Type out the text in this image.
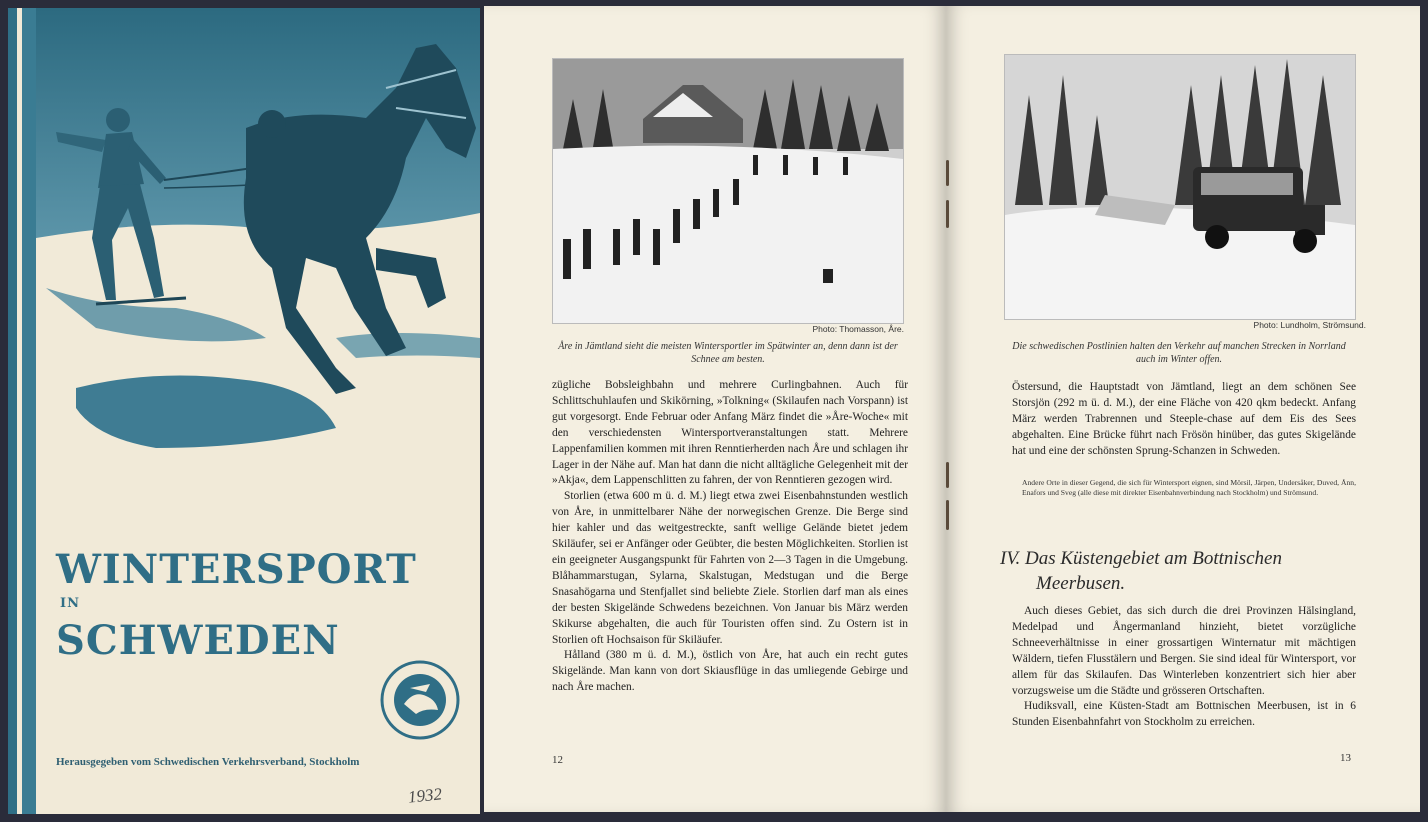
WINTERSPORT
IN
SCHWEDEN
Herausgegeben vom Schwedischen Verkehrsverband, Stockholm
1932
Photo: Thomasson, Åre.
Åre in Jämtland sieht die meisten Wintersportler im Spätwinter an, denn dann ist der Schnee am besten.

zügliche Bobsleighbahn und mehrere Curlingbahnen. Auch für Schlittschuhlaufen und Skikörning, »Tolkning« (Skilaufen nach Vorspann) ist gut vorgesorgt. Ende Februar oder Anfang März findet die »Åre-Woche« mit den verschiedensten Wintersportveranstaltungen statt. Mehrere Lappenfamilien kommen mit ihren Renntierherden nach Åre und schlagen ihr Lager in der Nähe auf. Man hat dann die nicht alltägliche Gelegenheit mit der »Akja«, dem Lappenschlitten zu fahren, der von Renntieren gezogen wird.

Storlien (etwa 600 m ü. d. M.) liegt etwa zwei Eisenbahnstunden westlich von Åre, in unmittelbarer Nähe der norwegischen Grenze. Die Berge sind hier kahler und das weitgestreckte, sanft wellige Gelände bietet jedem Skiläufer, sei er Anfänger oder Geübter, die besten Möglichkeiten. Storlien ist ein geeigneter Ausgangspunkt für Fahrten von 2—3 Tagen in die Umgebung. Blåhammarstugan, Sylarna, Skalstugan, Medstugan und die Berge Snasahögarna und Stenfjallet sind beliebte Ziele. Storlien darf man als eines der besten Skigelände Schwedens bezeichnen. Von Januar bis März werden Skikurse abgehalten, die auch für Touristen offen sind. Zu Ostern ist in Storlien oft Hochsaison für Skiläufer.

Hålland (380 m ü. d. M.), östlich von Åre, hat auch ein recht gutes Skigelände. Man kann von dort Skiausflüge in das umliegende Gebirge und nach Åre machen.

12
Photo: Lundholm, Strömsund.
Die schwedischen Postlinien halten den Verkehr auf manchen Strecken in Norrland auch im Winter offen.

Östersund, die Hauptstadt von Jämtland, liegt an dem schönen See Storsjön (292 m ü. d. M.), der eine Fläche von 420 qkm bedeckt. Anfang März werden Trabrennen und Steeple-chase auf dem Eis des Sees abgehalten. Eine Brücke führt nach Frösön hinüber, das gutes Skigelände hat und eine der schönsten Sprung-Schanzen in Schweden.

Andere Orte in dieser Gegend, die sich für Wintersport eignen, sind Mörsil, Järpen, Undersåker, Duved, Ånn, Enafors und Sveg (alle diese mit direkter Eisenbahnverbindung nach Stockholm) und Strömsund.
IV. Das Küstengebiet am Bottnischen
Meerbusen.

Auch dieses Gebiet, das sich durch die drei Provinzen Hälsingland, Medelpad und Ångermanland hinzieht, bietet vorzügliche Schneeverhältnisse in einer grossartigen Winternatur mit mächtigen Wäldern, tiefen Flusstälern und Bergen. Sie sind ideal für Wintersport, vor allem für das Skilaufen. Das Winterleben konzentriert sich hier aber vorzugsweise um die Städte und grösseren Ortschaften.

Hudiksvall, eine Küsten-Stadt am Bottnischen Meerbusen, ist in 6 Stunden Eisenbahnfahrt von Stockholm zu erreichen.

13
